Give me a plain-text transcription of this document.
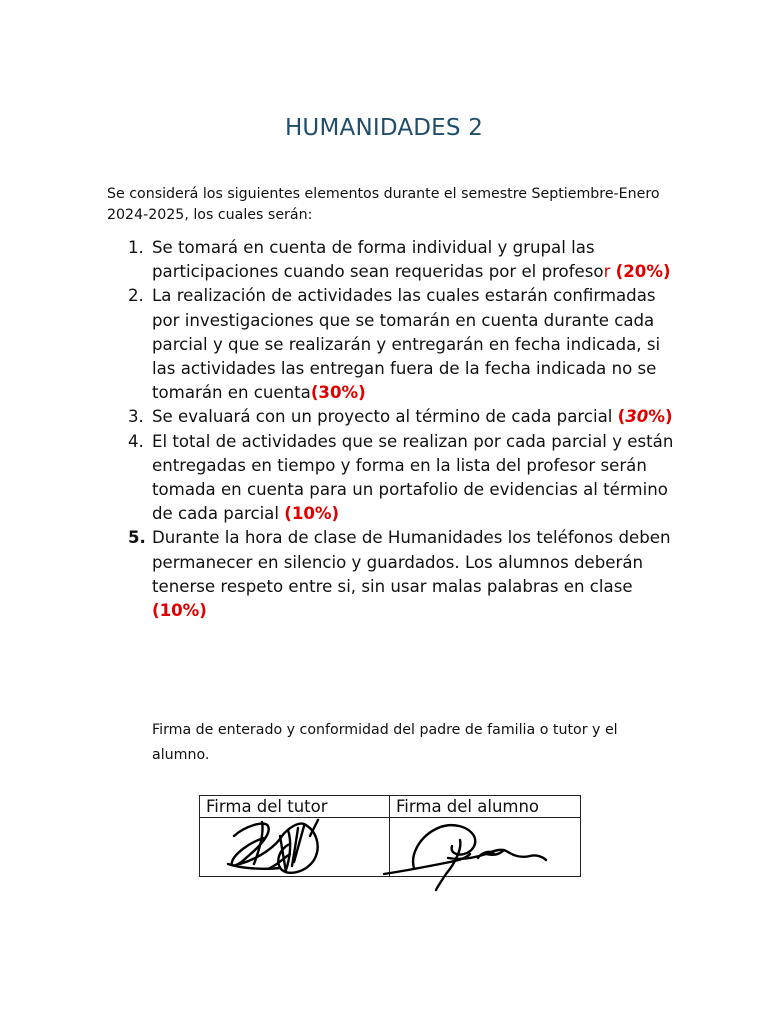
HUMANIDADES 2
Se considerá los siguientes elementos durante el semestre Septiembre-Enero 2024-2025, los cuales serán:
1. Se tomará en cuenta de forma individual y grupal las participaciones cuando sean requeridas por el profesor (20%)
2. La realización de actividades las cuales estarán confirmadas por investigaciones que se tomarán en cuenta durante cada parcial y que se realizarán y entregarán en fecha indicada, si las actividades las entregan fuera de la fecha indicada no se tomarán en cuenta(30%)
3. Se evaluará con un proyecto al término de cada parcial (30%)
4. El total de actividades que se realizan por cada parcial y están entregadas en tiempo y forma en la lista del profesor serán tomada en cuenta para un portafolio de evidencias al término de cada parcial (10%)
5. Durante la hora de clase de Humanidades los teléfonos deben permanecer en silencio y guardados. Los alumnos deberán tenerse respeto entre si, sin usar malas palabras en clase (10%)
Firma de enterado y conformidad del padre de familia o tutor y el alumno.
Firma del tutor	Firma del alumno
